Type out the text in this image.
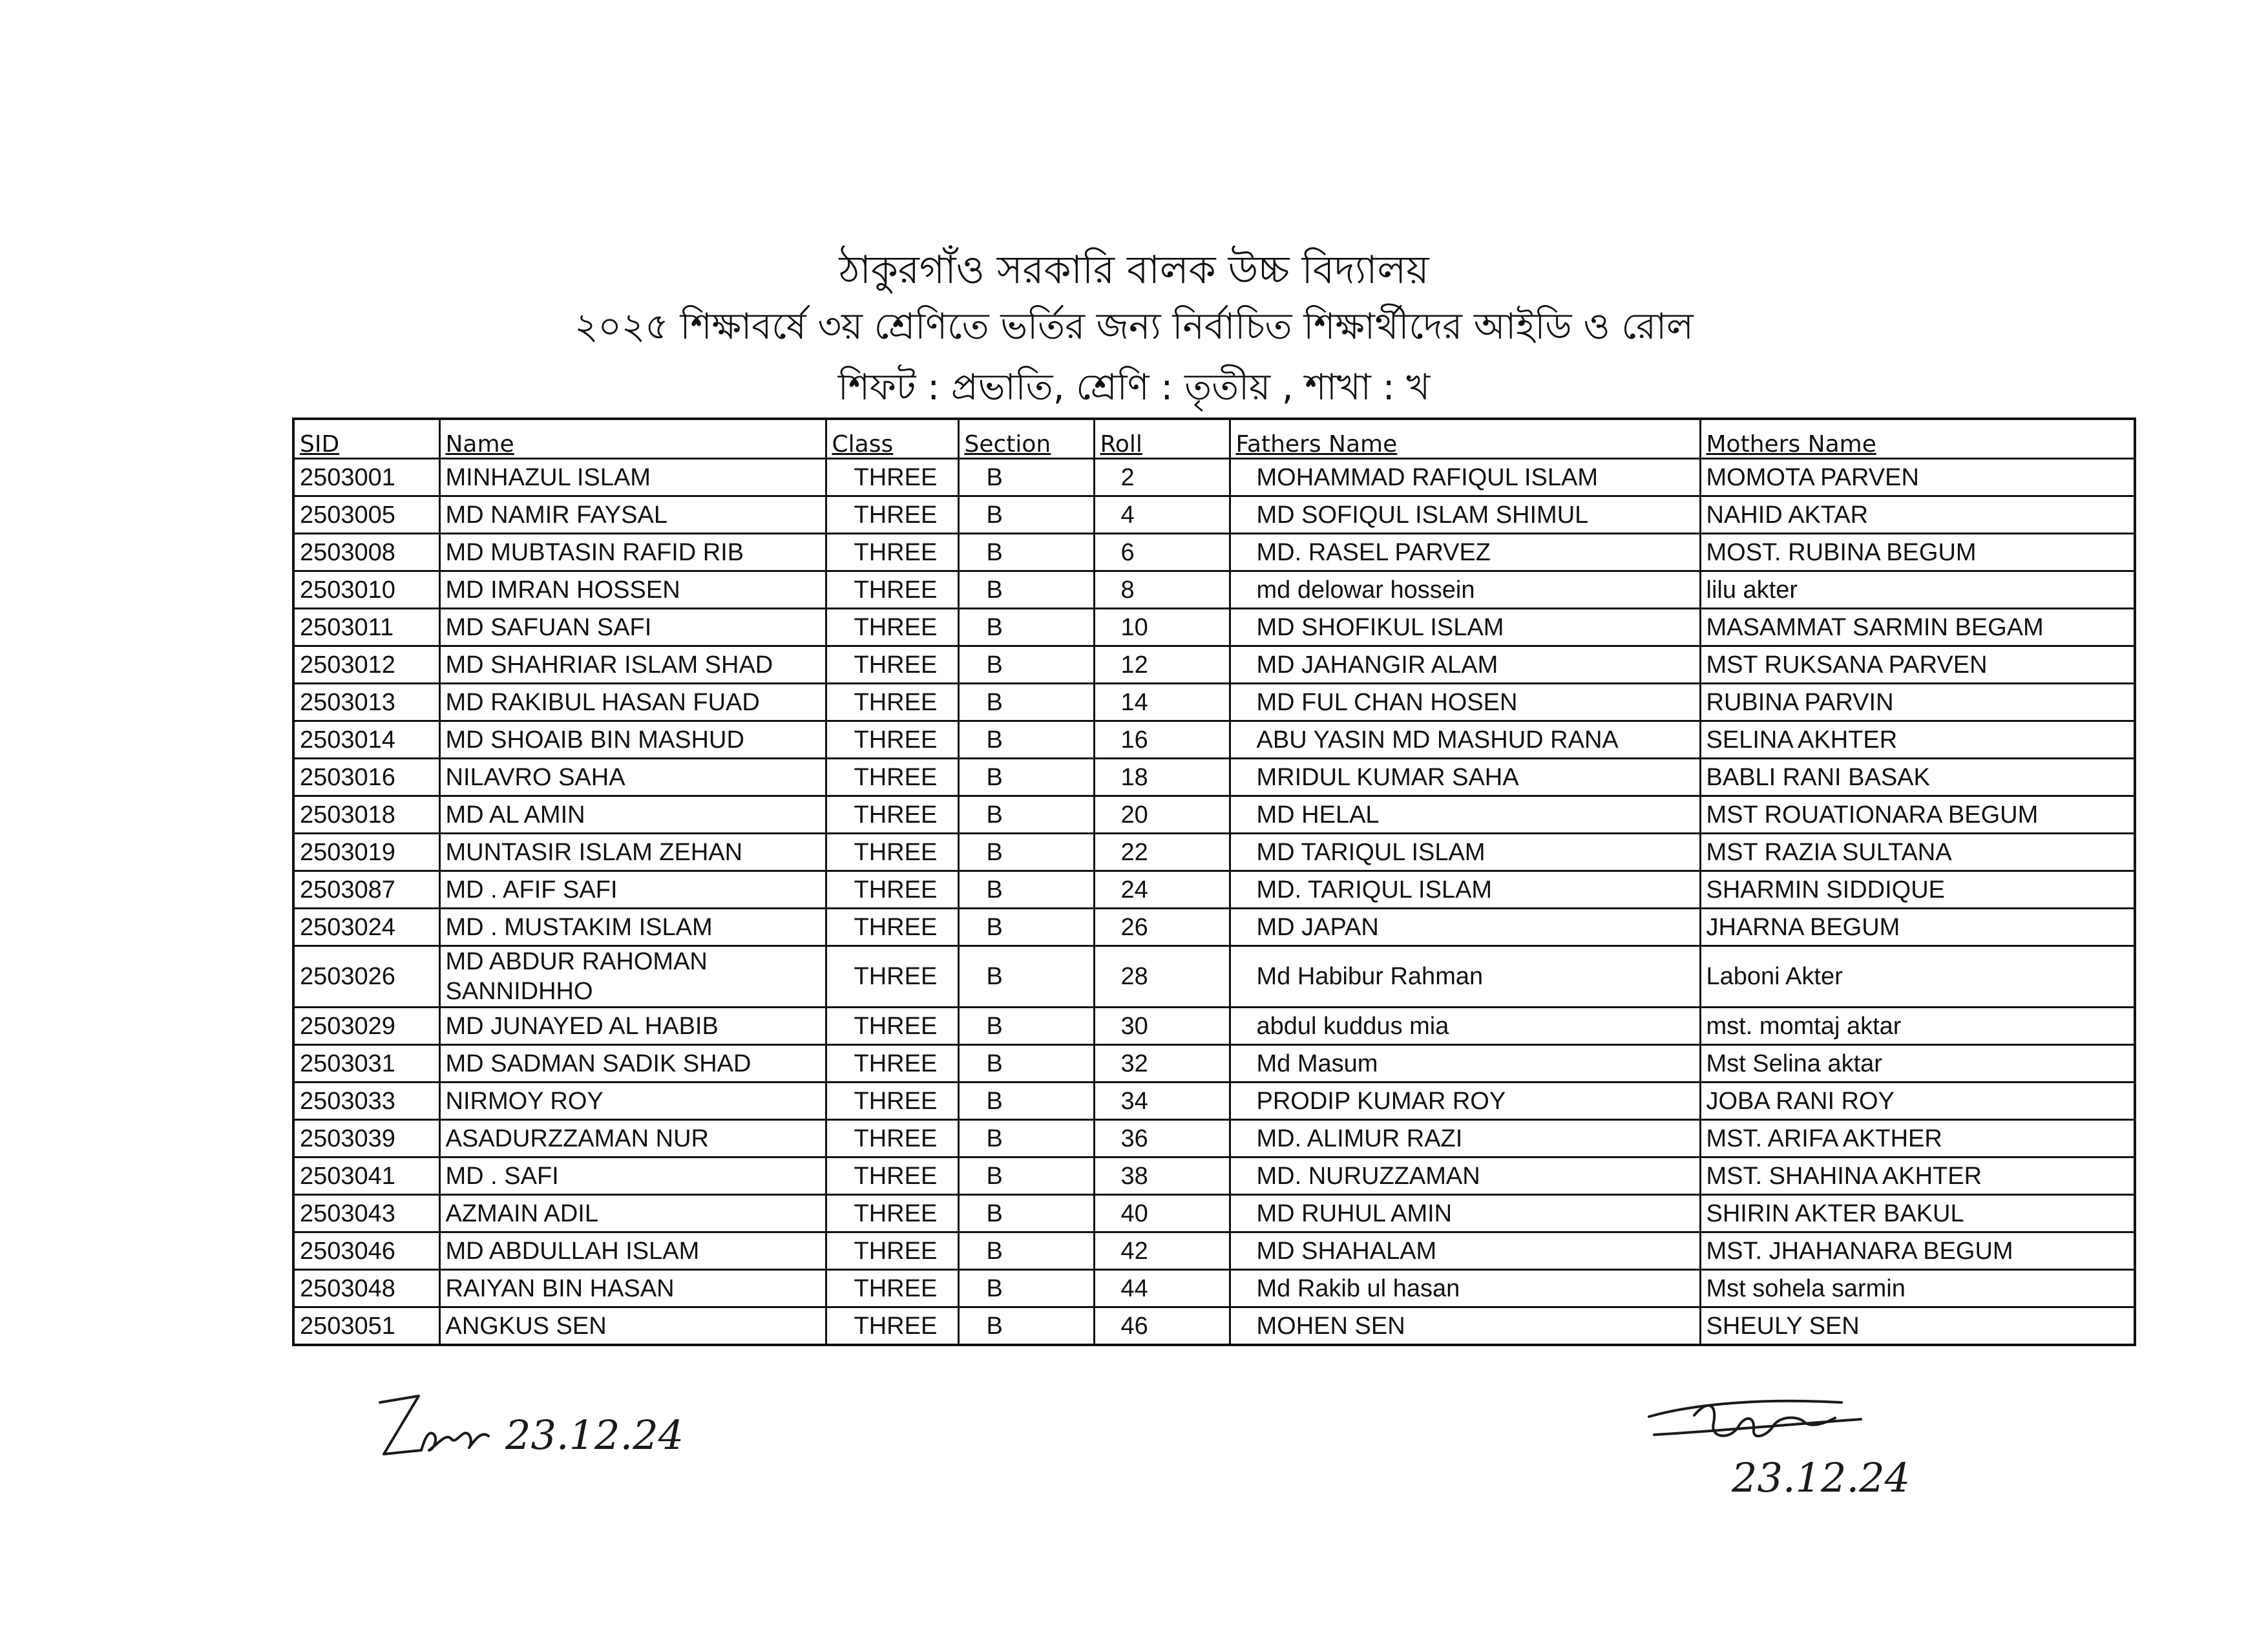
ঠাকুরগাঁও সরকারি বালক উচ্চ বিদ্যালয়
২০২৫ শিক্ষাবর্ষে ৩য় শ্রেণিতে ভর্তির জন্য নির্বাচিত শিক্ষার্থীদের আইডি ও রোল
শিফট : প্রভাতি, শ্রেণি : তৃতীয় , শাখা : খ
SID	Name	Class	Section	Roll	Fathers Name	Mothers Name
2503001	MINHAZUL ISLAM	THREE	B	2	MOHAMMAD RAFIQUL ISLAM	MOMOTA PARVEN
2503005	MD NAMIR FAYSAL	THREE	B	4	MD SOFIQUL ISLAM SHIMUL	NAHID AKTAR
2503008	MD MUBTASIN RAFID RIB	THREE	B	6	MD. RASEL PARVEZ	MOST. RUBINA BEGUM
2503010	MD IMRAN HOSSEN	THREE	B	8	md delowar hossein	lilu akter
2503011	MD SAFUAN SAFI	THREE	B	10	MD SHOFIKUL ISLAM	MASAMMAT SARMIN BEGAM
2503012	MD SHAHRIAR ISLAM SHAD	THREE	B	12	MD JAHANGIR ALAM	MST RUKSANA PARVEN
2503013	MD RAKIBUL HASAN FUAD	THREE	B	14	MD FUL CHAN HOSEN	RUBINA PARVIN
2503014	MD SHOAIB BIN MASHUD	THREE	B	16	ABU YASIN MD MASHUD RANA	SELINA AKHTER
2503016	NILAVRO SAHA	THREE	B	18	MRIDUL KUMAR SAHA	BABLI RANI BASAK
2503018	MD AL AMIN	THREE	B	20	MD HELAL	MST ROUATIONARA BEGUM
2503019	MUNTASIR ISLAM ZEHAN	THREE	B	22	MD TARIQUL ISLAM	MST RAZIA SULTANA
2503087	MD . AFIF SAFI	THREE	B	24	MD. TARIQUL ISLAM	SHARMIN SIDDIQUE
2503024	MD . MUSTAKIM ISLAM	THREE	B	26	MD JAPAN	JHARNA BEGUM
2503026	MD ABDUR RAHOMAN SANNIDHHO	THREE	B	28	Md Habibur Rahman	Laboni Akter
2503029	MD JUNAYED AL HABIB	THREE	B	30	abdul kuddus mia	mst. momtaj aktar
2503031	MD SADMAN SADIK SHAD	THREE	B	32	Md Masum	Mst Selina aktar
2503033	NIRMOY ROY	THREE	B	34	PRODIP KUMAR ROY	JOBA RANI ROY
2503039	ASADURZZAMAN NUR	THREE	B	36	MD. ALIMUR RAZI	MST. ARIFA AKTHER
2503041	MD . SAFI	THREE	B	38	MD. NURUZZAMAN	MST. SHAHINA AKHTER
2503043	AZMAIN ADIL	THREE	B	40	MD RUHUL AMIN	SHIRIN AKTER BAKUL
2503046	MD ABDULLAH ISLAM	THREE	B	42	MD SHAHALAM	MST. JHAHANARA BEGUM
2503048	RAIYAN BIN HASAN	THREE	B	44	Md Rakib ul hasan	Mst sohela sarmin
2503051	ANGKUS SEN	THREE	B	46	MOHEN SEN	SHEULY SEN
23.12.24
23.12.24
